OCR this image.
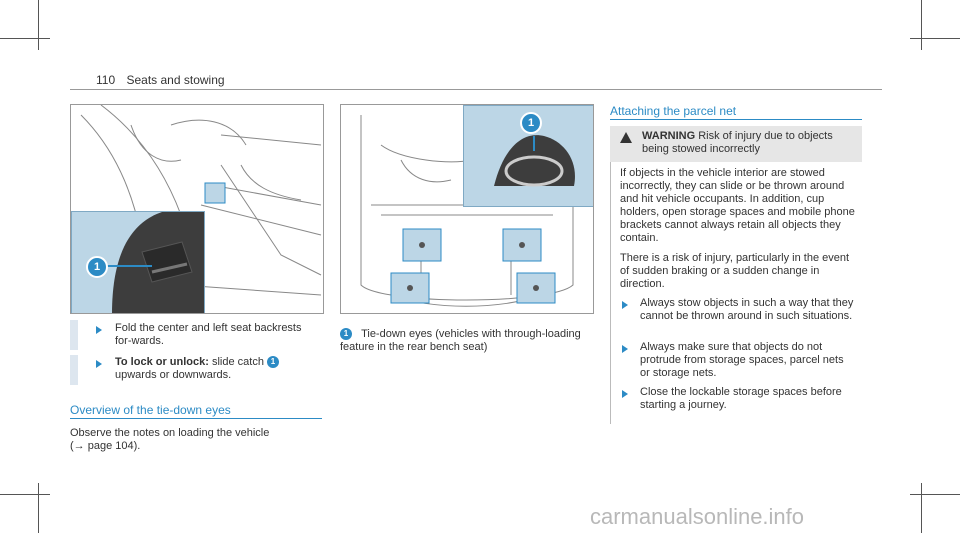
110 Seats and stowing
1
Fold the center and left seat backrests for-wards.
To lock or unlock: slide catch 1 upwards or downwards.
Overview of the tie-down eyes
Observe the notes on loading the vehicle
(→ page 104).
1
1 Tie-down eyes (vehicles with through-loading feature in the rear bench seat)
Attaching the parcel net
WARNING Risk of injury due to objects being stowed incorrectly
If objects in the vehicle interior are stowed incorrectly, they can slide or be thrown around and hit vehicle occupants. In addition, cup holders, open storage spaces and mobile phone brackets cannot always retain all objects they contain.
There is a risk of injury, particularly in the event of sudden braking or a sudden change in direction.
Always stow objects in such a way that they cannot be thrown around in such situations.
Always make sure that objects do not protrude from storage spaces, parcel nets or storage nets.
Close the lockable storage spaces before starting a journey.
carmanualsonline.info
